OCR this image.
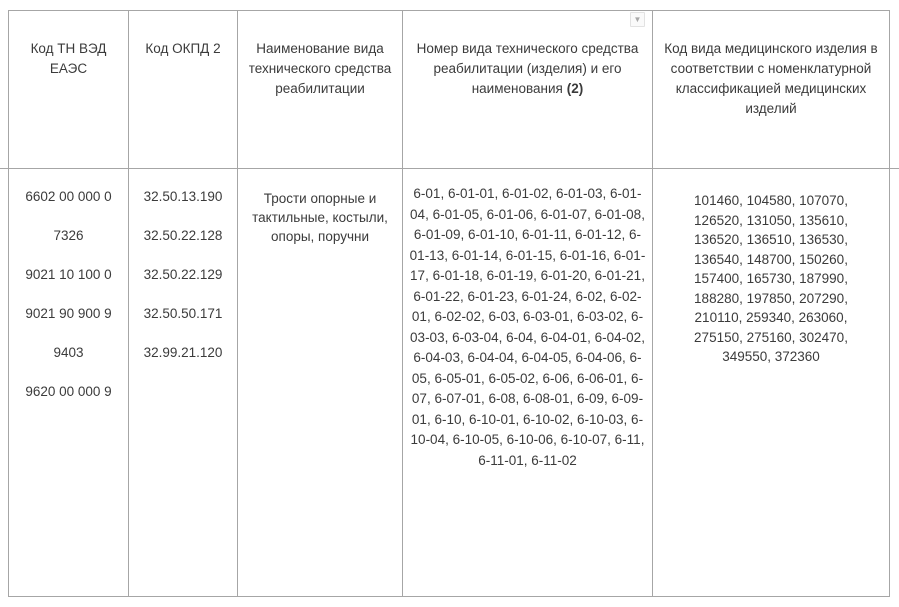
Код ТН ВЭД ЕАЭС
Код ОКПД 2	Наименование вида технического средства реабилитации
▼
Номер вида технического средства реабилитации (изделия) и его наименования (2)
Код вида медицинского изделия в соответствии с номенклатурной классификацией медицинских изделий
6602 00 000 0
7326
9021 10 100 0
9021 90 900 9
9403
9620 00 000 9
32.50.13.190
32.50.22.128
32.50.22.129
32.50.50.171
32.99.21.120
Трости опорные и тактильные, костыли, опоры, поручни
6-01, 6-01-01, 6-01-02, 6-01-03, 6-01-04, 6-01-05, 6-01-06, 6-01-07, 6-01-08, 6-01-09, 6-01-10, 6-01-11, 6-01-12, 6-01-13, 6-01-14, 6-01-15, 6-01-16, 6-01-17, 6-01-18, 6-01-19, 6-01-20, 6-01-21, 6-01-22, 6-01-23, 6-01-24, 6-02, 6-02-01, 6-02-02, 6-03, 6-03-01, 6-03-02, 6-03-03, 6-03-04, 6-04, 6-04-01, 6-04-02, 6-04-03, 6-04-04, 6-04-05, 6-04-06, 6-05, 6-05-01, 6-05-02, 6-06, 6-06-01, 6-07, 6-07-01, 6-08, 6-08-01, 6-09, 6-09-01, 6-10, 6-10-01, 6-10-02, 6-10-03, 6-10-04, 6-10-05, 6-10-06, 6-10-07, 6-11, 6-11-01, 6-11-02
101460, 104580, 107070, 126520, 131050, 135610, 136520, 136510, 136530, 136540, 148700, 150260, 157400, 165730, 187990, 188280, 197850, 207290, 210110, 259340, 263060, 275150, 275160, 302470, 349550, 372360
